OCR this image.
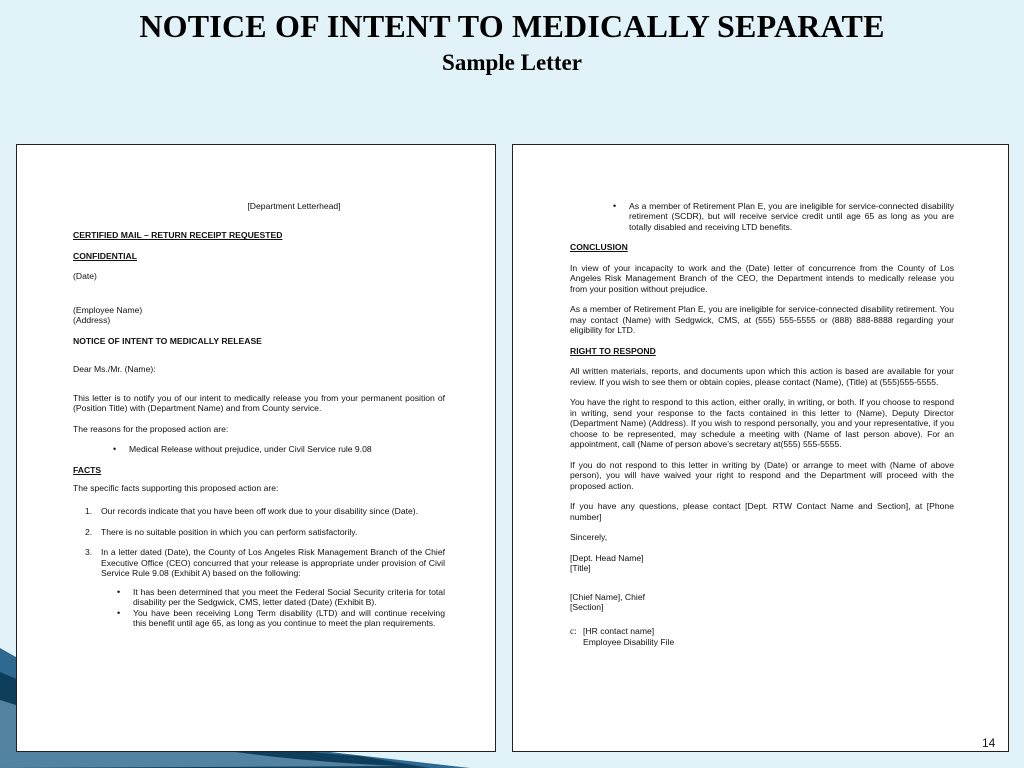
NOTICE OF INTENT TO MEDICALLY SEPARATE
Sample Letter

[Department Letterhead]

CERTIFIED MAIL – RETURN RECEIPT REQUESTED

CONFIDENTIAL

(Date)

(Employee Name)

(Address)

NOTICE OF INTENT TO MEDICALLY RELEASE

Dear Ms./Mr. (Name):

This letter is to notify you of our intent to medically release you from your permanent position of (Position Title) with (Department Name) and from County service.

The reasons for the proposed action are:

•	Medical Release without prejudice, under Civil Service rule 9.08

FACTS

The specific facts supporting this proposed action are:

1.	Our records indicate that you have been off work due to your disability since (Date).
2.	There is no suitable position in which you can perform satisfactorily.
3.	In a letter dated (Date), the County of Los Angeles Risk Management Branch of the Chief Executive Office (CEO) concurred that your release is appropriate under provision of Civil Service Rule 9.08 (Exhibit A) based on the following:
•	It has been determined that you meet the Federal Social Security criteria for total disability per the Sedgwick, CMS, letter dated (Date) (Exhibit B).
•	You have been receiving Long Term disability (LTD) and will continue receiving this benefit until age 65, as long as you continue to meet the plan requirements.
•	As a member of Retirement Plan E, you are ineligible for service-connected disability retirement (SCDR), but will receive service credit until age 65 as long as you are totally disabled and receiving LTD benefits.

CONCLUSION

In view of your incapacity to work and the (Date) letter of concurrence from the County of Los Angeles Risk Management Branch of the CEO, the Department intends to medically release you from your position without prejudice.

As a member of Retirement Plan E, you are ineligible for service-connected disability retirement. You may contact (Name) with Sedgwick, CMS, at (555) 555-5555 or (888) 888-8888 regarding your eligibility for LTD.

RIGHT TO RESPOND

All written materials, reports, and documents upon which this action is based are available for your review. If you wish to see them or obtain copies, please contact (Name), (Title) at (555)555-5555.

You have the right to respond to this action, either orally, in writing, or both. If you choose to respond in writing, send your response to the facts contained in this letter to (Name), Deputy Director (Department Name) (Address). If you wish to respond personally, you and your representative, if you choose to be represented, may schedule a meeting with (Name of last person above). For an appointment, call (Name of person above’s secretary at(555) 555-5555.

If you do not respond to this letter in writing by (Date) or arrange to meet with (Name of above person), you will have waived your right to respond and the Department will proceed with the proposed action.

If you have any questions, please contact [Dept. RTW Contact Name and Section], at [Phone number]

Sincerely,

[Dept. Head Name]

[Title]

[Chief Name], Chief

[Section]

c: [HR contact name]

Employee Disability File

14
